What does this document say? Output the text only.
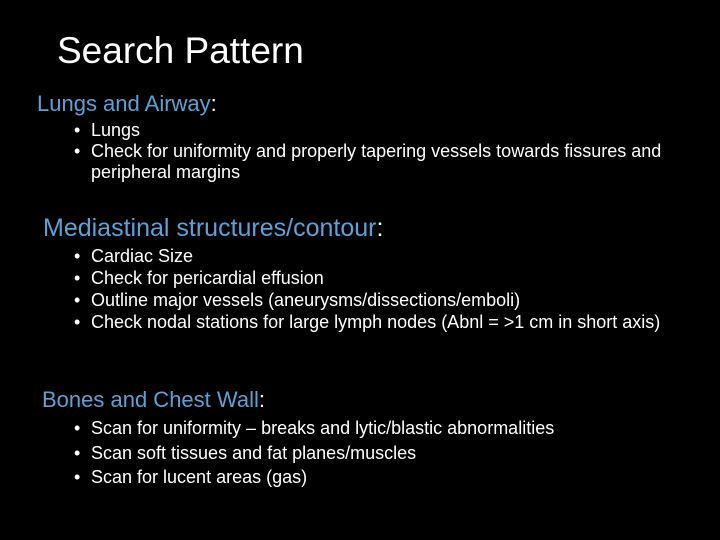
Search Pattern
Lungs and Airway:
• Lungs
• Check for uniformity and properly tapering vessels towards fissures and peripheral margins
Mediastinal structures/contour:
• Cardiac Size
• Check for pericardial effusion
• Outline major vessels (aneurysms/dissections/emboli)
• Check nodal stations for large lymph nodes (Abnl = >1 cm in short axis)
Bones and Chest Wall:
• Scan for uniformity – breaks and lytic/blastic abnormalities
• Scan soft tissues and fat planes/muscles
• Scan for lucent areas (gas)
